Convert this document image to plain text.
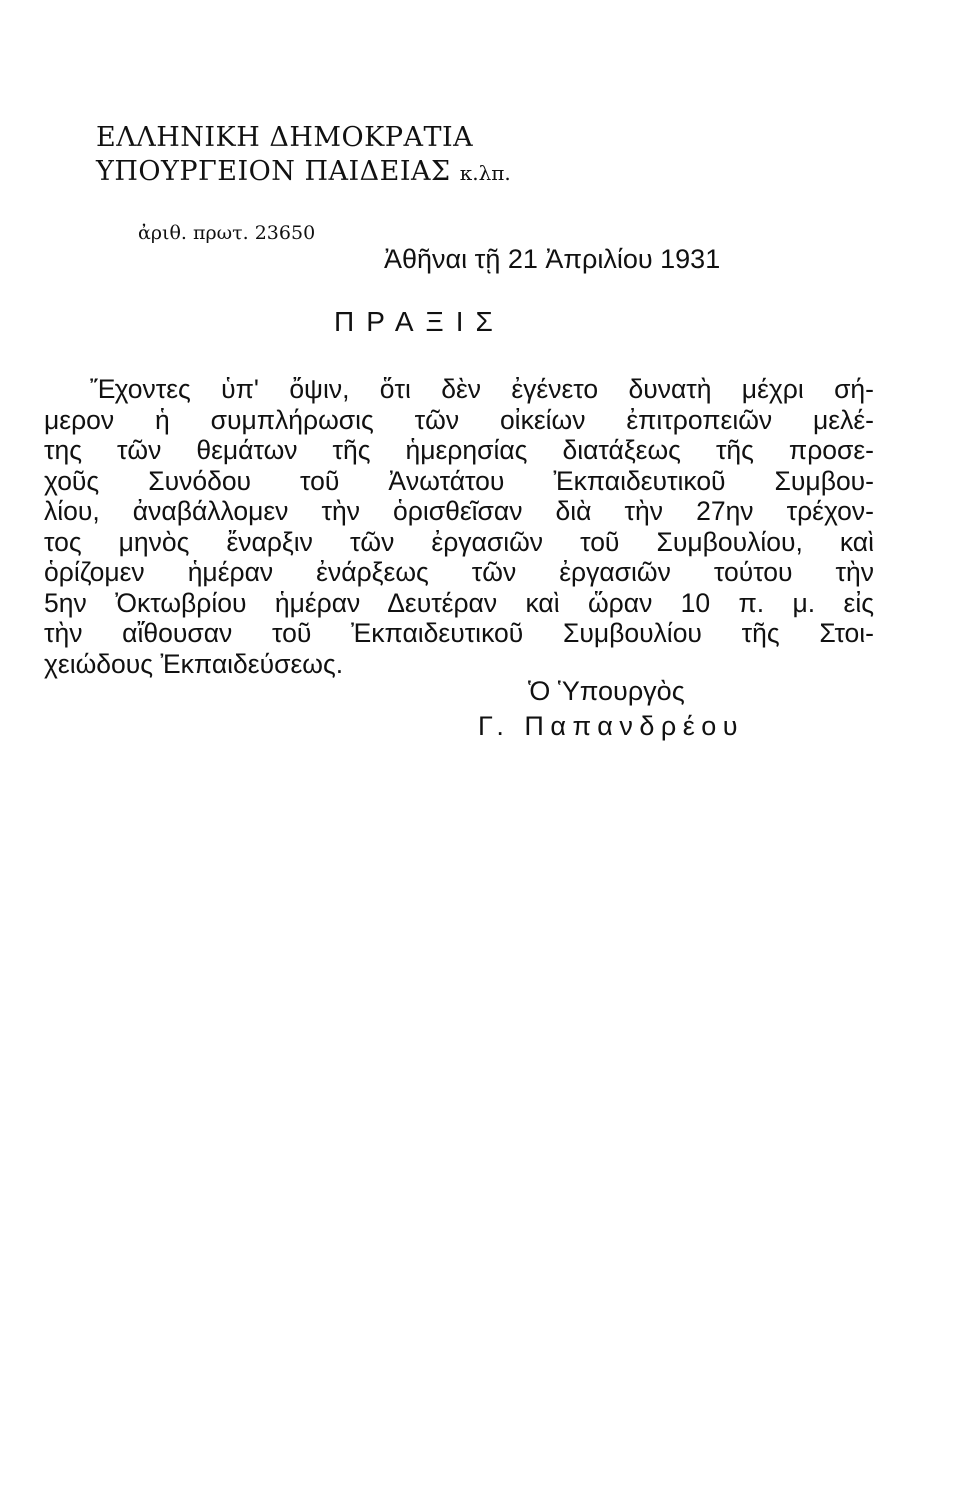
ΕΛΛΗΝΙΚΗ ΔΗΜΟΚΡΑΤΙΑ
ΥΠΟΥΡΓΕΙΟΝ ΠΑΙΔΕΙΑΣ κ.λπ.
ἀριθ. πρωτ. 23650
Ἀθῆναι τῇ 21 Ἀπριλίου 1931
ΠΡΑΞΙΣ
Ἔχοντες ὑπ' ὄψιν, ὅτι δὲν ἐγένετο δυνατὴ μέχρι σή-
μερον ἡ συμπλήρωσις τῶν οἰκείων ἐπιτροπειῶν μελέ-
της τῶν θεμάτων τῆς ἡμερησίας διατάξεως τῆς προσε-
χοῦς Συνόδου τοῦ Ἀνωτάτου Ἐκπαιδευτικοῦ Συμβου-
λίου, ἀναβάλλομεν τὴν ὁρισθεῖσαν διὰ τὴν 27ην τρέχον-
τος μηνὸς ἔναρξιν τῶν ἐργασιῶν τοῦ Συμβουλίου, καὶ
ὁρίζομεν ἡμέραν ἐνάρξεως τῶν ἐργασιῶν τούτου τὴν
5ην Ὀκτωβρίου ἡμέραν Δευτέραν καὶ ὥραν 10 π. μ. εἰς
τὴν αἴθουσαν τοῦ Ἐκπαιδευτικοῦ Συμβουλίου τῆς Στοι-
χειώδους Ἐκπαιδεύσεως.
Ὁ Ὑπουργὸς
Γ. Παπανδρέου
